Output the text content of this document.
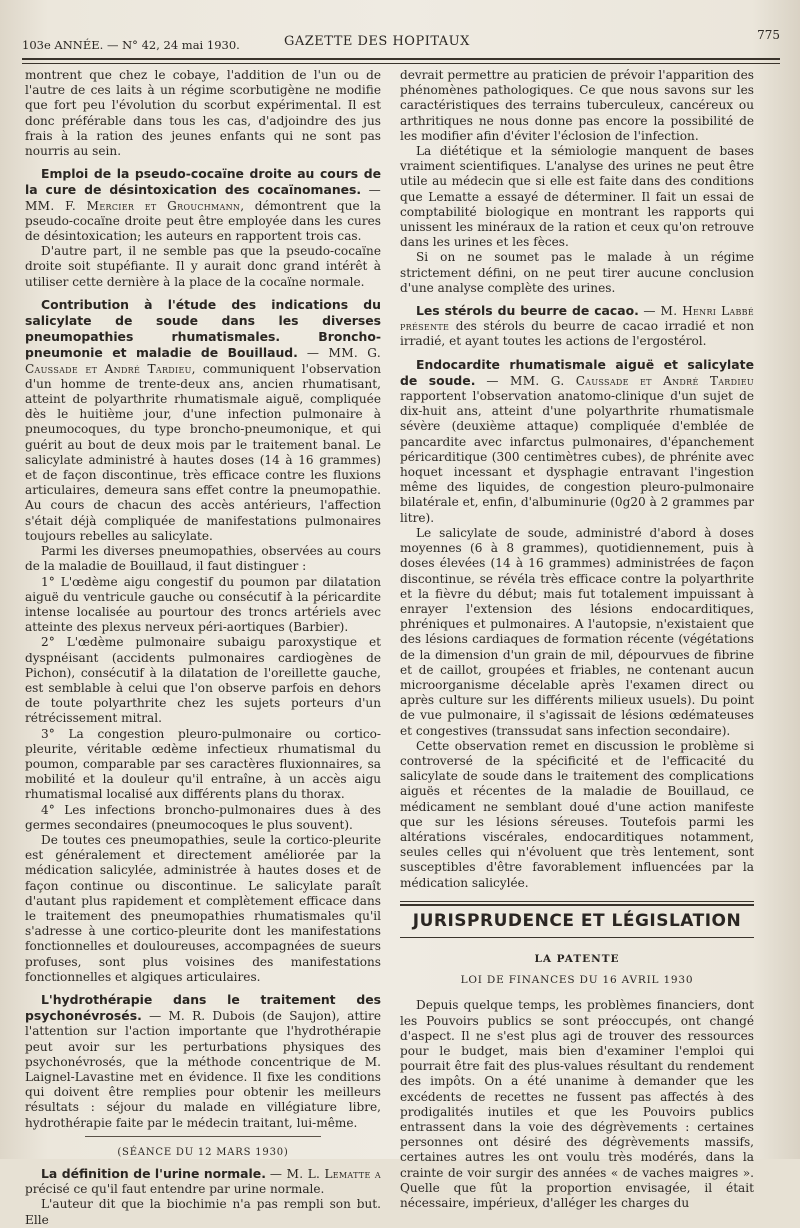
103e ANNÉE. — N° 42, 24 mai 1930.	GAZETTE DES HOPITAUX	775

montrent que chez le cobaye, l'addition de l'un ou de l'autre de ces laits à un régime scorbutigène ne modifie que fort peu l'évolution du scorbut expérimental. Il est donc préférable dans tous les cas, d'adjoindre des jus frais à la ration des jeunes enfants qui ne sont pas nourris au sein.

Emploi de la pseudo-cocaïne droite au cours de la cure de désintoxication des cocaïnomanes. — MM. F. Mercier et Grouchmann, démontrent que la pseudo-cocaïne droite peut être employée dans les cures de désintoxication; les auteurs en rapportent trois cas.

D'autre part, il ne semble pas que la pseudo-cocaïne droite soit stupéfiante. Il y aurait donc grand intérêt à utiliser cette dernière à la place de la cocaïne normale.

Contribution à l'étude des indications du salicylate de soude dans les diverses pneumopathies rhumatismales. Broncho-pneumonie et maladie de Bouillaud. — MM. G. Caussade et André Tardieu, communiquent l'observation d'un homme de trente-deux ans, ancien rhumatisant, atteint de polyarthrite rhumatismale aiguë, compliquée dès le huitième jour, d'une infection pulmonaire à pneumocoques, du type broncho-pneumonique, et qui guérit au bout de deux mois par le traitement banal. Le salicylate administré à hautes doses (14 à 16 grammes) et de façon discontinue, très efficace contre les fluxions articulaires, demeura sans effet contre la pneumopathie. Au cours de chacun des accès antérieurs, l'affection s'était déjà compliquée de manifestations pulmonaires toujours rebelles au salicylate.

Parmi les diverses pneumopathies, observées au cours de la maladie de Bouillaud, il faut distinguer :

1° L'œdème aigu congestif du poumon par dilatation aiguë du ventricule gauche ou consécutif à la péricardite intense localisée au pourtour des troncs artériels avec atteinte des plexus nerveux péri-aortiques (Barbier).

2° L'œdème pulmonaire subaigu paroxystique et dyspnéisant (accidents pulmonaires cardiogènes de Pichon), consécutif à la dilatation de l'oreillette gauche, est semblable à celui que l'on observe parfois en dehors de toute polyarthrite chez les sujets porteurs d'un rétrécissement mitral.

3° La congestion pleuro-pulmonaire ou cortico-pleurite, véritable œdème infectieux rhumatismal du poumon, comparable par ses caractères fluxionnaires, sa mobilité et la douleur qu'il entraîne, à un accès aigu rhumatismal localisé aux différents plans du thorax.

4° Les infections broncho-pulmonaires dues à des germes secondaires (pneumocoques le plus souvent).

De toutes ces pneumopathies, seule la cortico-pleurite est généralement et directement améliorée par la médication salicylée, administrée à hautes doses et de façon continue ou discontinue. Le salicylate paraît d'autant plus rapidement et complètement efficace dans le traitement des pneumopathies rhumatismales qu'il s'adresse à une cortico-pleurite dont les manifestations fonctionnelles et douloureuses, accompagnées de sueurs profuses, sont plus voisines des manifestations fonctionnelles et algiques articulaires.

L'hydrothérapie dans le traitement des psychonévrosés. — M. R. Dubois (de Saujon), attire l'attention sur l'action importante que l'hydrothérapie peut avoir sur les perturbations physiques des psychonévrosés, que la méthode concentrique de M. Laignel-Lavastine met en évidence. Il fixe les conditions qui doivent être remplies pour obtenir les meilleurs résultats : séjour du malade en villégiature libre, hydrothérapie faite par le médecin traitant, lui-même.

(SÉANCE DU 12 MARS 1930)

La définition de l'urine normale. — M. L. Lematte a précisé ce qu'il faut entendre par urine normale.

L'auteur dit que la biochimie n'a pas rempli son but. Elle

devrait permettre au praticien de prévoir l'apparition des phénomènes pathologiques. Ce que nous savons sur les caractéristiques des terrains tuberculeux, cancéreux ou arthritiques ne nous donne pas encore la possibilité de les modifier afin d'éviter l'éclosion de l'infection.

La diététique et la sémiologie manquent de bases vraiment scientifiques. L'analyse des urines ne peut être utile au médecin que si elle est faite dans des conditions que Lematte a essayé de déterminer. Il fait un essai de comptabilité biologique en montrant les rapports qui unissent les minéraux de la ration et ceux qu'on retrouve dans les urines et les fèces.

Si on ne soumet pas le malade à un régime strictement défini, on ne peut tirer aucune conclusion d'une analyse complète des urines.

Les stérols du beurre de cacao. — M. Henri Labbé présente des stérols du beurre de cacao irradié et non irradié, et ayant toutes les actions de l'ergostérol.

Endocardite rhumatismale aiguë et salicylate de soude. — MM. G. Caussade et André Tardieu rapportent l'observation anatomo-clinique d'un sujet de dix-huit ans, atteint d'une polyarthrite rhumatismale sévère (deuxième attaque) compliquée d'emblée de pancardite avec infarctus pulmonaires, d'épanchement péricarditique (300 centimètres cubes), de phrénite avec hoquet incessant et dysphagie entravant l'ingestion même des liquides, de congestion pleuro-pulmonaire bilatérale et, enfin, d'albuminurie (0g20 à 2 grammes par litre).

Le salicylate de soude, administré d'abord à doses moyennes (6 à 8 grammes), quotidiennement, puis à doses élevées (14 à 16 grammes) administrées de façon discontinue, se révéla très efficace contre la polyarthrite et la fièvre du début; mais fut totalement impuissant à enrayer l'extension des lésions endocarditiques, phréniques et pulmonaires. A l'autopsie, n'existaient que des lésions cardiaques de formation récente (végétations de la dimension d'un grain de mil, dépourvues de fibrine et de caillot, groupées et friables, ne contenant aucun microorganisme décelable après l'examen direct ou après culture sur les différents milieux usuels). Du point de vue pulmonaire, il s'agissait de lésions œdémateuses et congestives (transsudat sans infection secondaire).

Cette observation remet en discussion le problème si controversé de la spécificité et de l'efficacité du salicylate de soude dans le traitement des complications aiguës et récentes de la maladie de Bouillaud, ce médicament ne semblant doué d'une action manifeste que sur les lésions séreuses. Toutefois parmi les altérations viscérales, endocarditiques notamment, seules celles qui n'évoluent que très lentement, sont susceptibles d'être favorablement influencées par la médication salicylée.

JURISPRUDENCE ET LÉGISLATION
LA PATENTE
LOI DE FINANCES DU 16 AVRIL 1930

Depuis quelque temps, les problèmes financiers, dont les Pouvoirs publics se sont préoccupés, ont changé d'aspect. Il ne s'est plus agi de trouver des ressources pour le budget, mais bien d'examiner l'emploi qui pourrait être fait des plus-values résultant du rendement des impôts. On a été unanime à demander que les excédents de recettes ne fussent pas affectés à des prodigalités inutiles et que les Pouvoirs publics entrassent dans la voie des dégrèvements : certaines personnes ont désiré des dégrèvements massifs, certaines autres les ont voulu très modérés, dans la crainte de voir surgir des années « de vaches maigres ». Quelle que fût la proportion envisagée, il était nécessaire, impérieux, d'alléger les charges du
